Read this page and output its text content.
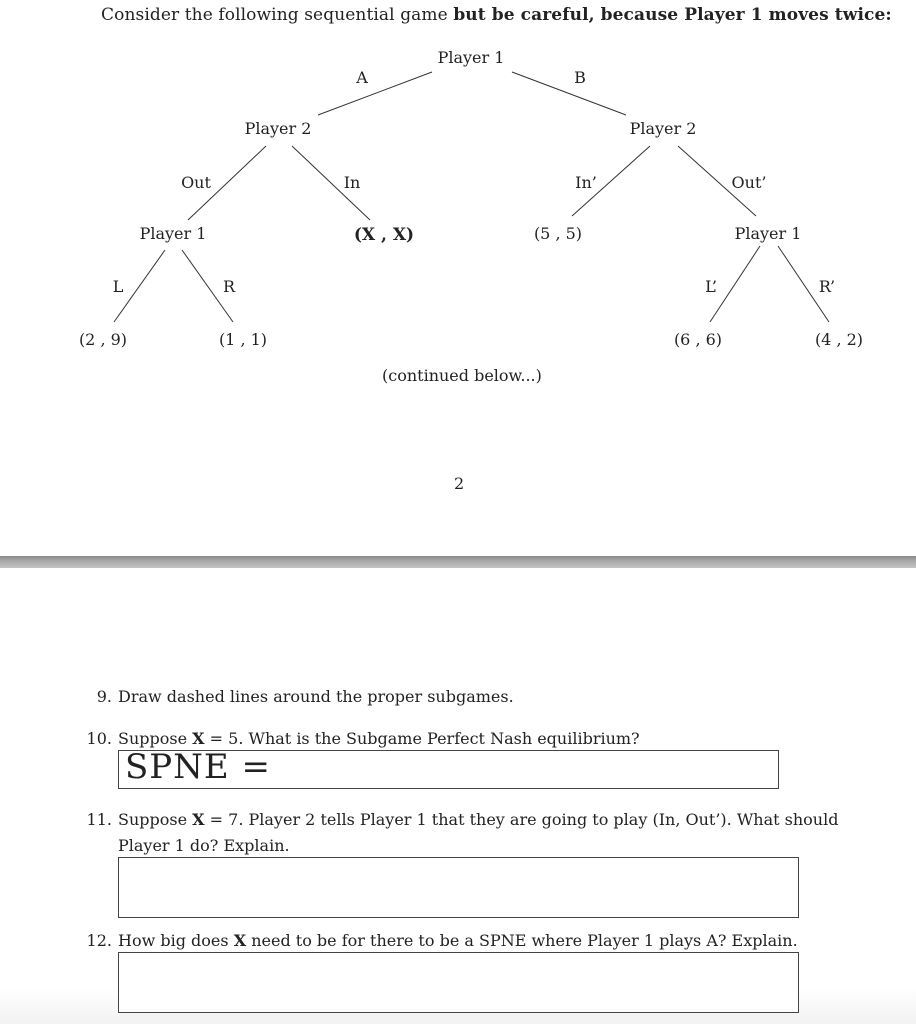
Consider the following sequential game but be careful, because Player 1 moves twice:
Player 1
A	B
Player 2	Player 2
Out	In	In’	Out’
Player 1	(X , X)	(5 , 5)	Player 1
L	R	L’	R’
(2 , 9)	(1 , 1)	(6 , 6)	(4 , 2)
(continued below...)
2
9. Draw dashed lines around the proper subgames.
10. Suppose X = 5. What is the Subgame Perfect Nash equilibrium?
SPNE =
11. Suppose X = 7. Player 2 tells Player 1 that they are going to play (In, Out’). What should
Player 1 do? Explain.
12. How big does X need to be for there to be a SPNE where Player 1 plays A? Explain.
